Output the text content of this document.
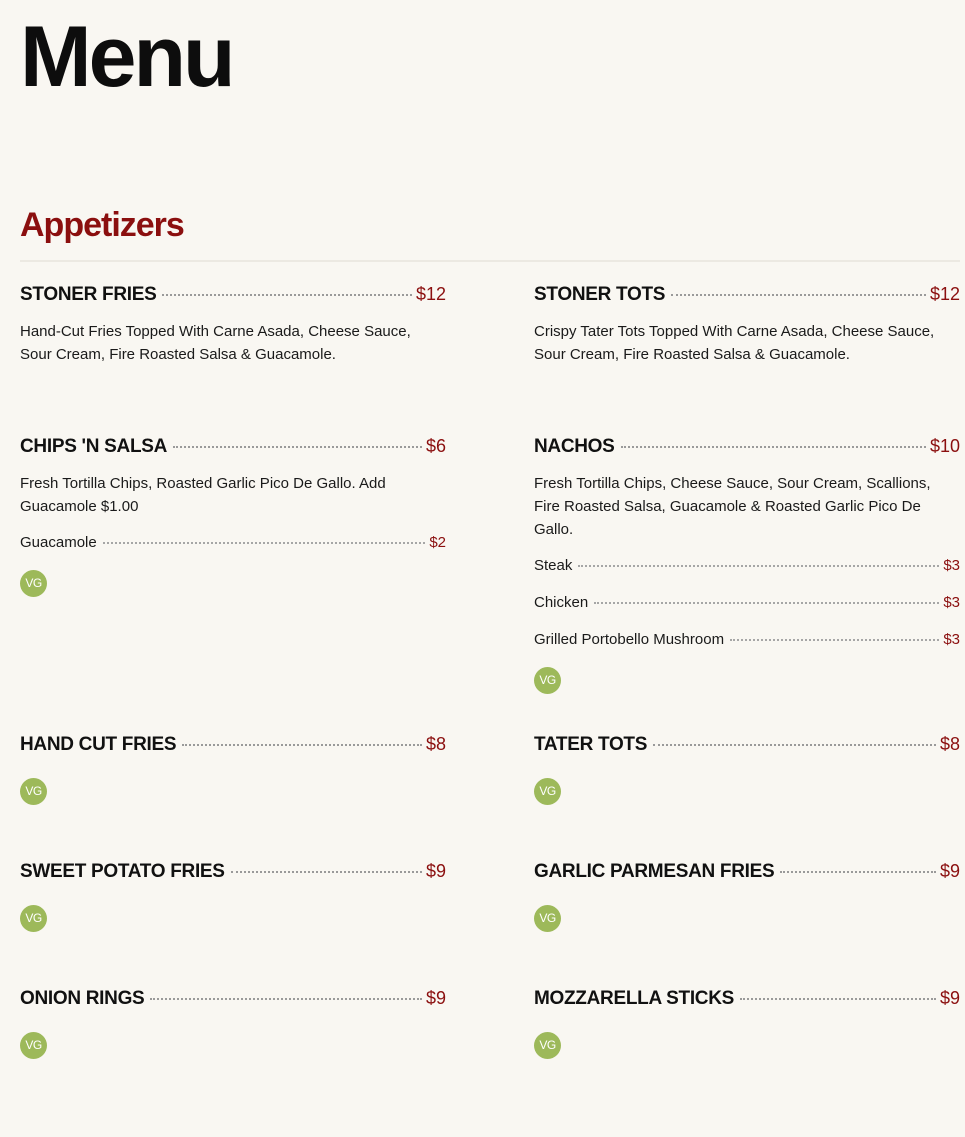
Menu
Appetizers
STONER FRIES	$12
Hand-Cut Fries Topped With Carne Asada, Cheese Sauce, Sour Cream, Fire Roasted Salsa & Guacamole.
STONER TOTS	$12
Crispy Tater Tots Topped With Carne Asada, Cheese Sauce, Sour Cream, Fire Roasted Salsa & Guacamole.
CHIPS 'N SALSA	$6
Fresh Tortilla Chips, Roasted Garlic Pico De Gallo. Add Guacamole $1.00
Guacamole	$2
VG
NACHOS	$10
Fresh Tortilla Chips, Cheese Sauce, Sour Cream, Scallions, Fire Roasted Salsa, Guacamole & Roasted Garlic Pico De Gallo.
Steak	$3
Chicken	$3
Grilled Portobello Mushroom	$3
VG
HAND CUT FRIES	$8
VG
TATER TOTS	$8
VG
SWEET POTATO FRIES	$9
VG
GARLIC PARMESAN FRIES	$9
VG
ONION RINGS	$9
VG
MOZZARELLA STICKS	$9
VG
